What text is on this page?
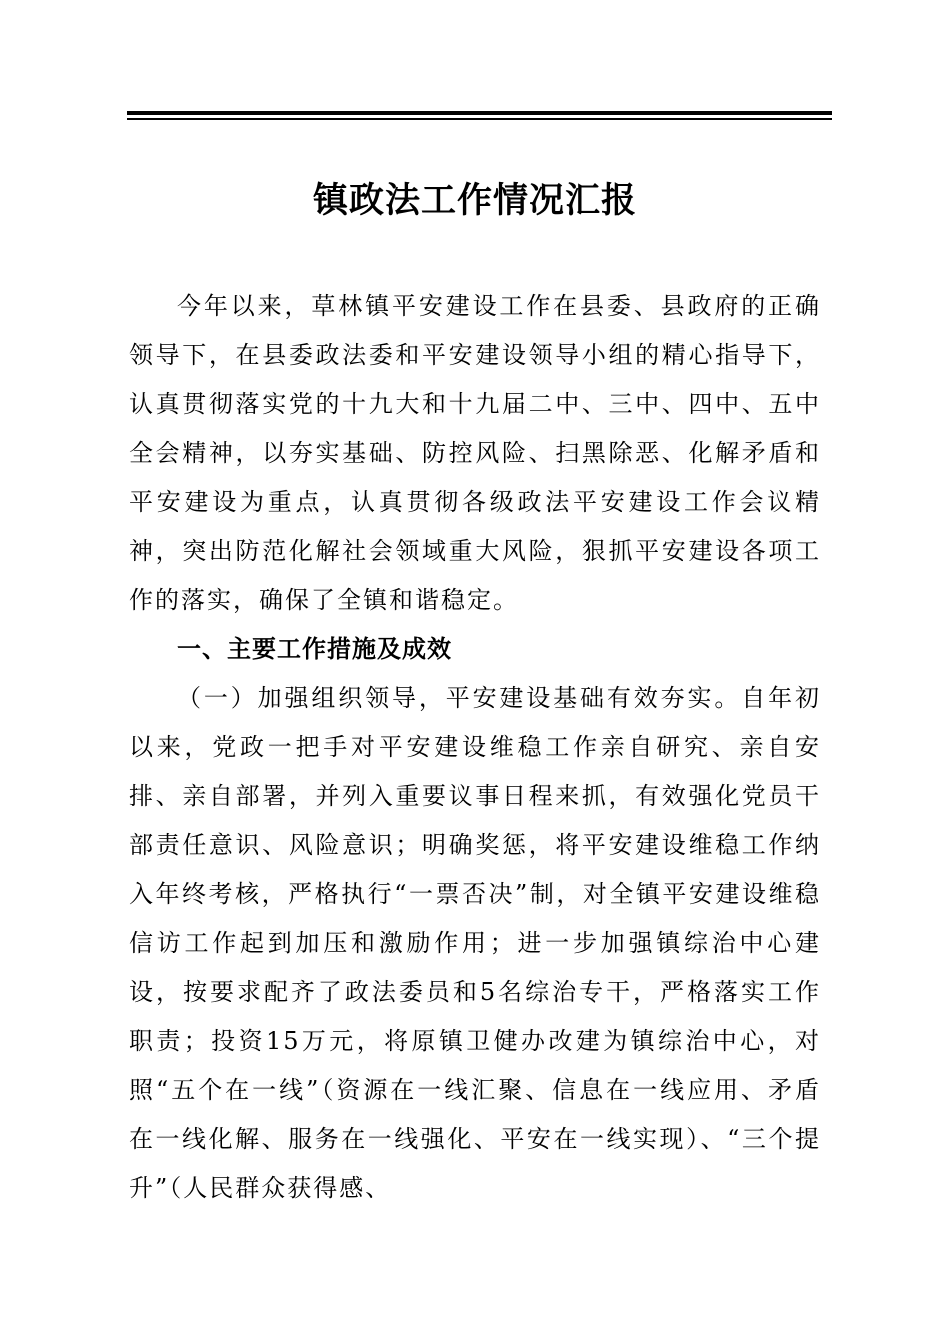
镇政法工作情况汇报

今年以来，草林镇平安建设工作在县委、县政府的正确领导下，在县委政法委和平安建设领导小组的精心指导下，认真贯彻落实党的十九大和十九届二中、三中、四中、五中全会精神，以夯实基础、防控风险、扫黑除恶、化解矛盾和平安建设为重点，认真贯彻各级政法平安建设工作会议精神，突出防范化解社会领域重大风险，狠抓平安建设各项工作的落实，确保了全镇和谐稳定。

一、主要工作措施及成效

（一）加强组织领导，平安建设基础有效夯实。自年初以来，党政一把手对平安建设维稳工作亲自研究、亲自安排、亲自部署，并列入重要议事日程来抓，有效强化党员干部责任意识、风险意识；明确奖惩，将平安建设维稳工作纳入年终考核，严格执行“一票否决”制，对全镇平安建设维稳信访工作起到加压和激励作用；进一步加强镇综治中心建设，按要求配齐了政法委员和5名综治专干，严格落实工作职责；投资15万元，将原镇卫健办改建为镇综治中心，对照“五个在一线”（资源在一线汇聚、信息在一线应用、矛盾在一线化解、服务在一线强化、平安在一线实现）、“三个提升”（人民群众获得感、
